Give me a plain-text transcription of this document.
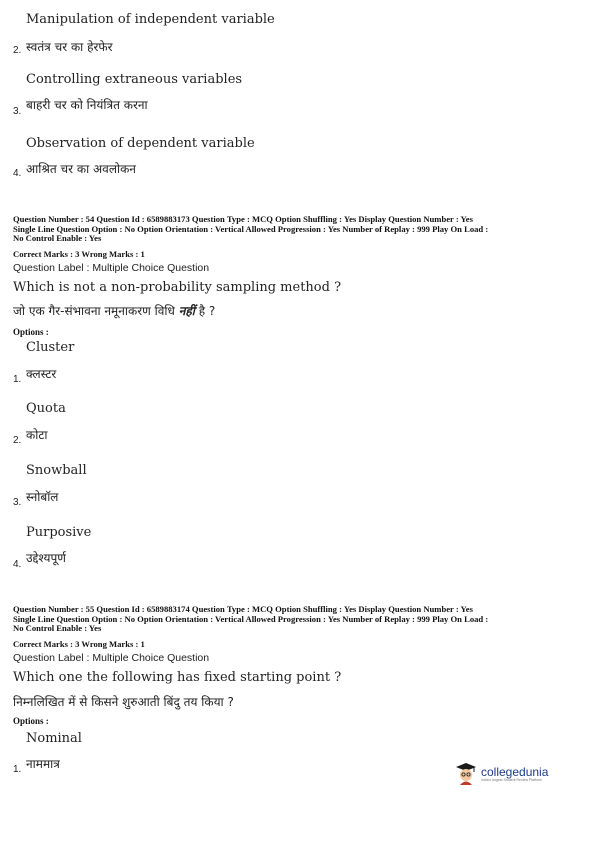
Manipulation of independent variable
2. स्वतंत्र चर का हेरफेर
Controlling extraneous variables
3. बाहरी चर को नियंत्रित करना
Observation of dependent variable
4. आश्रित चर का अवलोकन
Question Number : 54 Question Id : 6589883173 Question Type : MCQ Option Shuffling : Yes Display Question Number : Yes
Single Line Question Option : No Option Orientation : Vertical Allowed Progression : Yes Number of Replay : 999 Play On Load :
No Control Enable : Yes
Correct Marks : 3 Wrong Marks : 1
Question Label : Multiple Choice Question
Which is not a non-probability sampling method ?
जो एक गैर-संभावना नमूनाकरण विधि नहीं है ?
Options :
Cluster
1. क्लस्टर
Quota
2. कोटा
Snowball
3. स्नोबॉल
Purposive
4. उद्देश्यपूर्ण
Question Number : 55 Question Id : 6589883174 Question Type : MCQ Option Shuffling : Yes Display Question Number : Yes
Single Line Question Option : No Option Orientation : Vertical Allowed Progression : Yes Number of Replay : 999 Play On Load :
No Control Enable : Yes
Correct Marks : 3 Wrong Marks : 1
Question Label : Multiple Choice Question
Which one the following has fixed starting point ?
निम्नलिखित में से किसने शुरुआती बिंदु तय किया ?
Options :
Nominal
1. नाममात्र
collegedunia
India's largest Student Review Platform
